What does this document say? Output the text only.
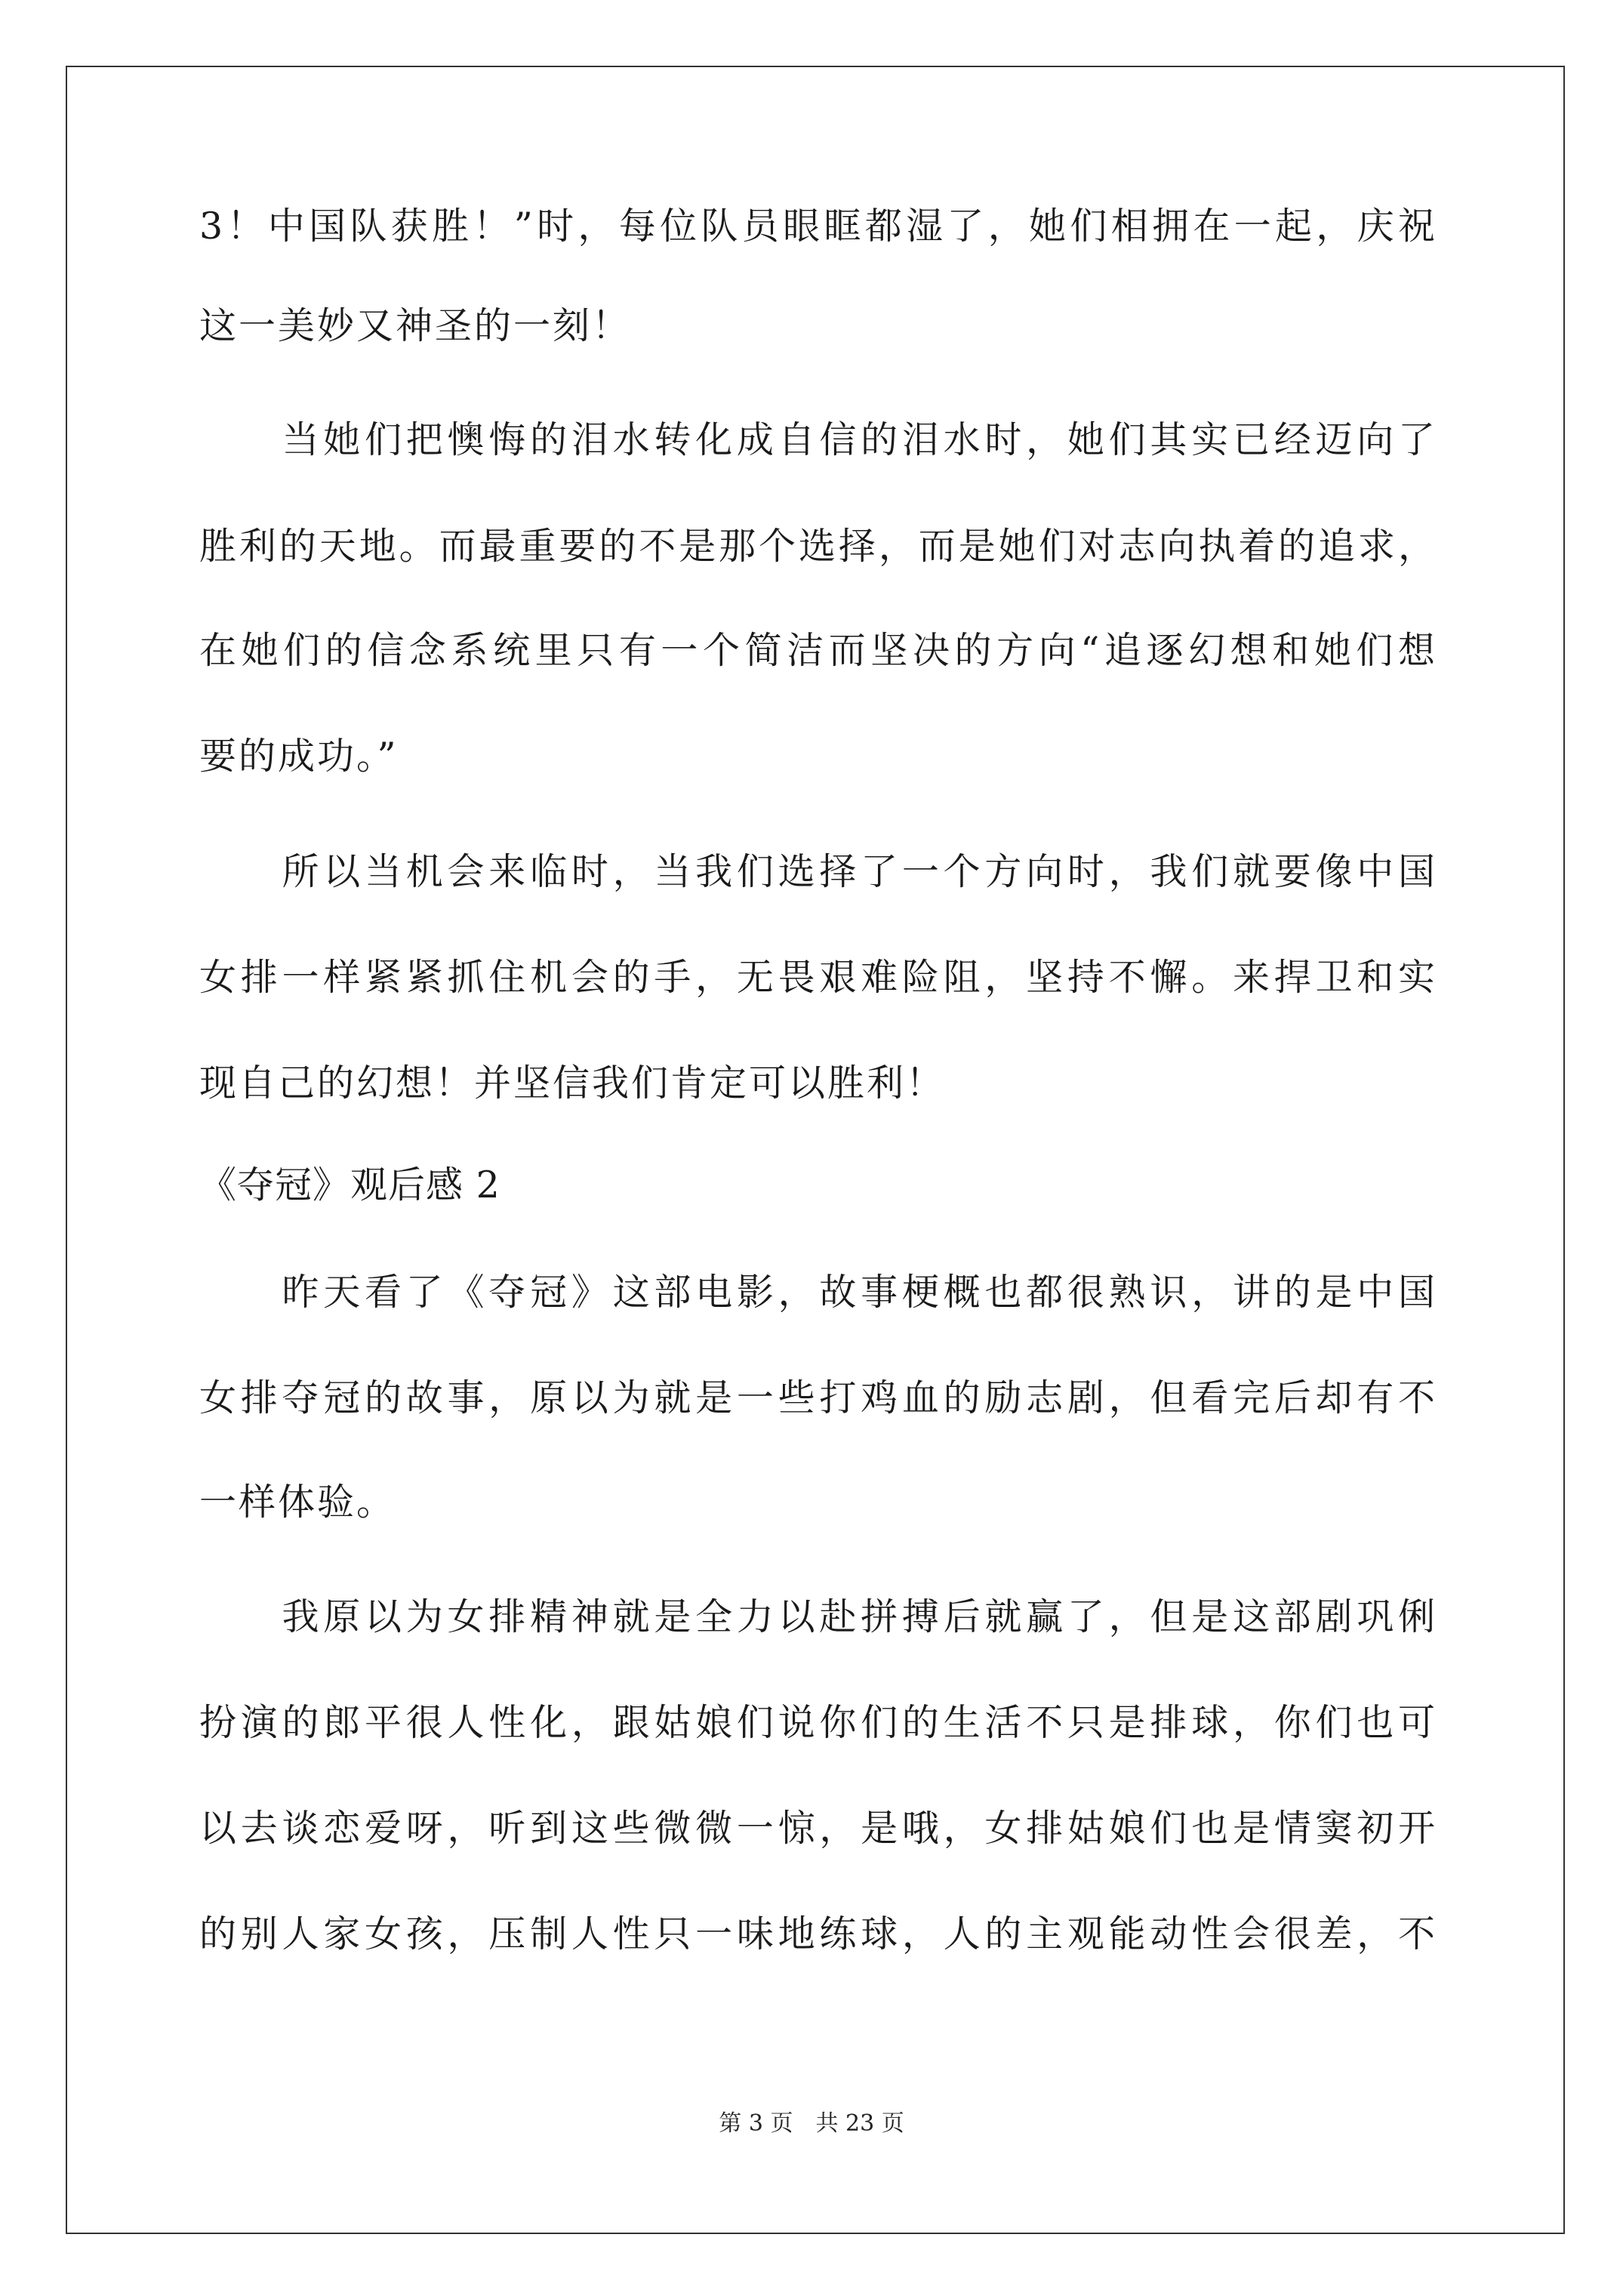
3！中国队获胜！”时，每位队员眼眶都湿了，她们相拥在一起，庆祝
这一美妙又神圣的一刻！
　　当她们把懊悔的泪水转化成自信的泪水时，她们其实已经迈向了
胜利的天地。而最重要的不是那个选择，而是她们对志向执着的追求，
在她们的信念系统里只有一个简洁而坚决的方向“追逐幻想和她们想
要的成功。”
　　所以当机会来临时，当我们选择了一个方向时，我们就要像中国
女排一样紧紧抓住机会的手，无畏艰难险阻，坚持不懈。来捍卫和实
现自己的幻想！并坚信我们肯定可以胜利！
《夺冠》观后感 2
　　昨天看了《夺冠》这部电影，故事梗概也都很熟识，讲的是中国
女排夺冠的故事，原以为就是一些打鸡血的励志剧，但看完后却有不
一样体验。
　　我原以为女排精神就是全力以赴拼搏后就赢了，但是这部剧巩俐
扮演的郎平很人性化，跟姑娘们说你们的生活不只是排球，你们也可
以去谈恋爱呀，听到这些微微一惊，是哦，女排姑娘们也是情窦初开
的别人家女孩，压制人性只一味地练球，人的主观能动性会很差，不
第 3 页　共 23 页
